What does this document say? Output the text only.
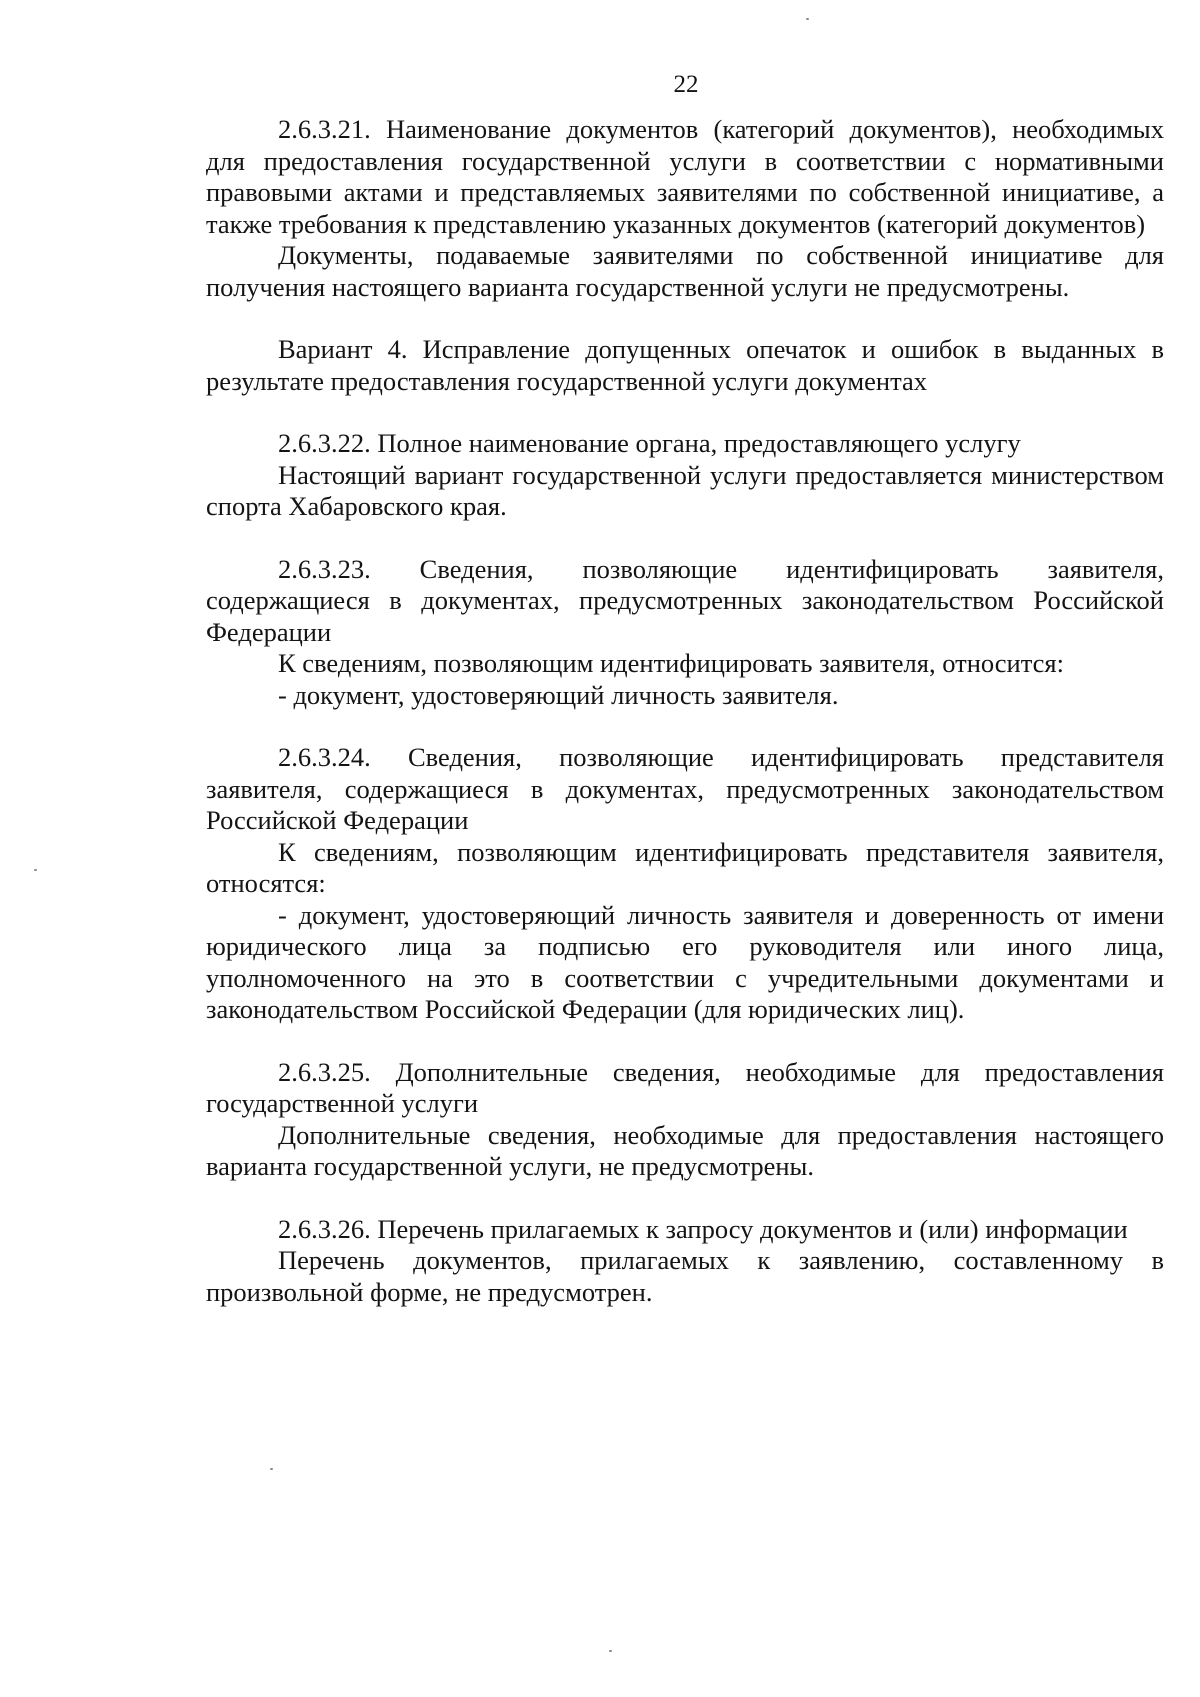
22

2.6.3.21. Наименование документов (категорий документов), необходимых для предоставления государственной услуги в соответствии с нормативными правовыми актами и представляемых заявителями по собственной инициативе, а также требования к представлению указанных документов (категорий документов)

Документы, подаваемые заявителями по собственной инициативе для получения настоящего варианта государственной услуги не предусмотрены.

Вариант 4. Исправление допущенных опечаток и ошибок в выданных в результате предоставления государственной услуги документах

2.6.3.22. Полное наименование органа, предоставляющего услугу

Настоящий вариант государственной услуги предоставляется министерством спорта Хабаровского края.

2.6.3.23. Сведения, позволяющие идентифицировать заявителя, содержащиеся в документах, предусмотренных законодательством Российской Федерации

К сведениям, позволяющим идентифицировать заявителя, относится:

- документ, удостоверяющий личность заявителя.

2.6.3.24. Сведения, позволяющие идентифицировать представителя заявителя, содержащиеся в документах, предусмотренных законодательством Российской Федерации

К сведениям, позволяющим идентифицировать представителя заявителя, относятся:

- документ, удостоверяющий личность заявителя и доверенность от имени юридического лица за подписью его руководителя или иного лица, уполномоченного на это в соответствии с учредительными документами и законодательством Российской Федерации (для юридических лиц).

2.6.3.25. Дополнительные сведения, необходимые для предоставления государственной услуги

Дополнительные сведения, необходимые для предоставления настоящего варианта государственной услуги, не предусмотрены.

2.6.3.26. Перечень прилагаемых к запросу документов и (или) информации

Перечень документов, прилагаемых к заявлению, составленному в произвольной форме, не предусмотрен.
